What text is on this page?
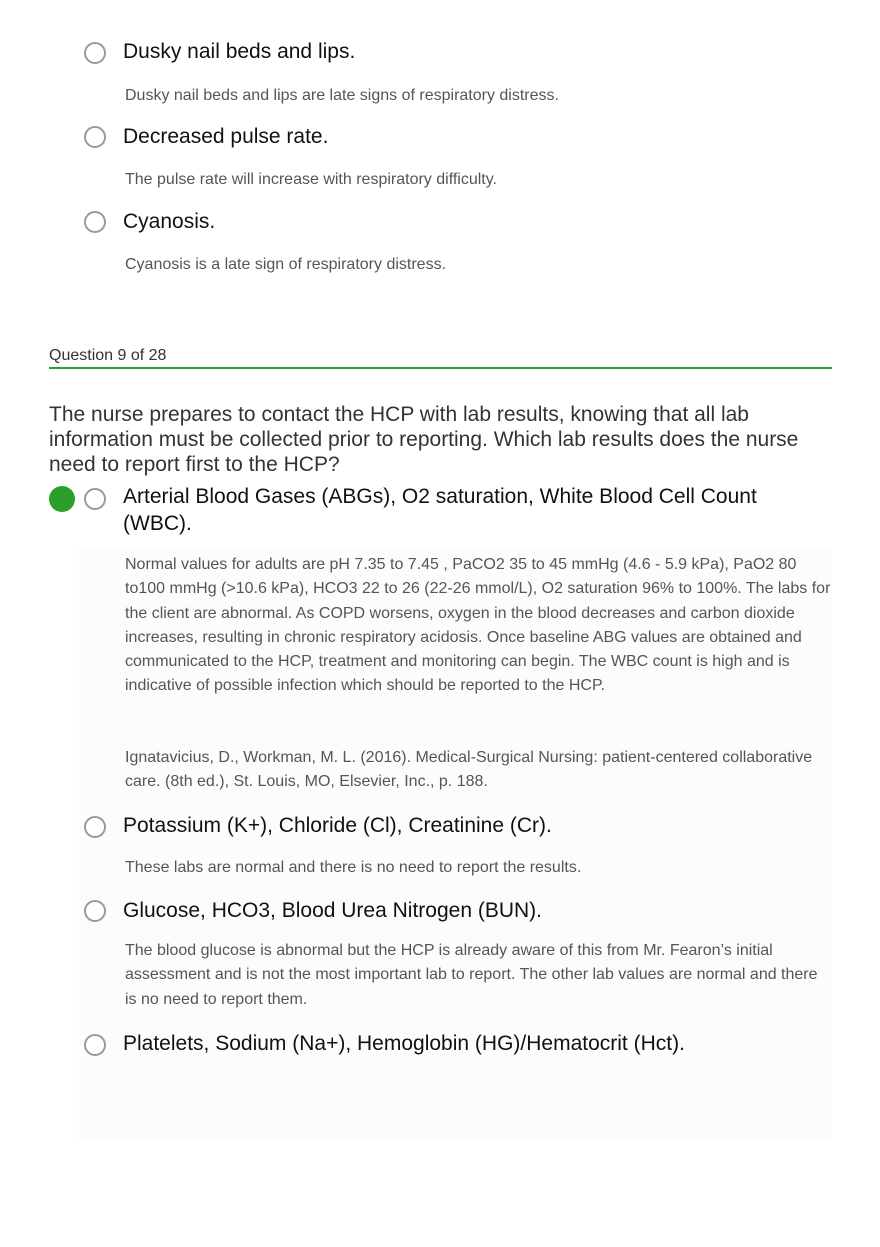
Dusky nail beds and lips.
Dusky nail beds and lips are late signs of respiratory distress.
Decreased pulse rate.
The pulse rate will increase with respiratory difficulty.
Cyanosis.
Cyanosis is a late sign of respiratory distress.
Question 9 of 28
The nurse prepares to contact the HCP with lab results, knowing that all lab information must be collected prior to reporting. Which lab results does the nurse need to report first to the HCP?
Arterial Blood Gases (ABGs), O2 saturation, White Blood Cell Count (WBC).
Normal values for adults are pH 7.35 to 7.45 , PaCO2 35 to 45 mmHg (4.6 - 5.9 kPa), PaO2 80 to100 mmHg (>10.6 kPa), HCO3 22 to 26 (22-26 mmol/L), O2 saturation 96% to 100%. The labs for the client are abnormal. As COPD worsens, oxygen in the blood decreases and carbon dioxide increases, resulting in chronic respiratory acidosis. Once baseline ABG values are obtained and communicated to the HCP, treatment and monitoring can begin. The WBC count is high and is indicative of possible infection which should be reported to the HCP.
Ignatavicius, D., Workman, M. L. (2016). Medical-Surgical Nursing: patient-centered collaborative care. (8th ed.), St. Louis, MO, Elsevier, Inc., p. 188.
Potassium (K+), Chloride (Cl), Creatinine (Cr).
These labs are normal and there is no need to report the results.
Glucose, HCO3, Blood Urea Nitrogen (BUN).
The blood glucose is abnormal but the HCP is already aware of this from Mr. Fearon’s initial assessment and is not the most important lab to report. The other lab values are normal and there is no need to report them.
Platelets, Sodium (Na+), Hemoglobin (HG)/Hematocrit (Hct).
